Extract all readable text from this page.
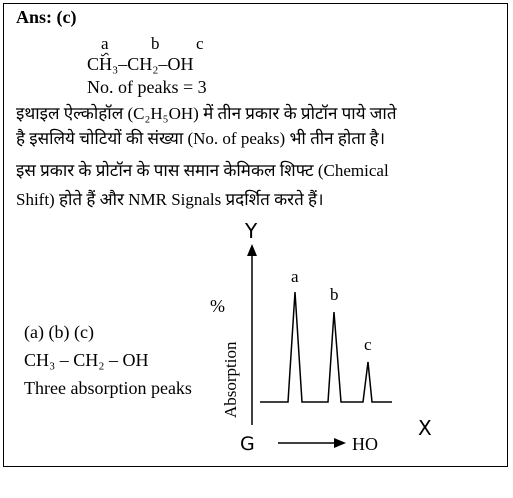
Ans: (c)
a b c
CH₃–CH₂–OH
No. of peaks = 3
इथाइल ऐल्कोहॉल (C₂H₅OH) में तीन प्रकार के प्रोटॉन पाये जाते
है इसलिये चोटियों की संख्या (No. of peaks) भी तीन होता है।
इस प्रकार के प्रोटॉन के पास समान केमिकल शिफ्ट (Chemical
Shift) होते हैं और NMR Signals प्रदर्शित करते हैं।
(a) (b) (c)
CH₃ – CH₂ – OH
Three absorption peaks
Y
%
Absorption
a
b
c
G	HO
X
